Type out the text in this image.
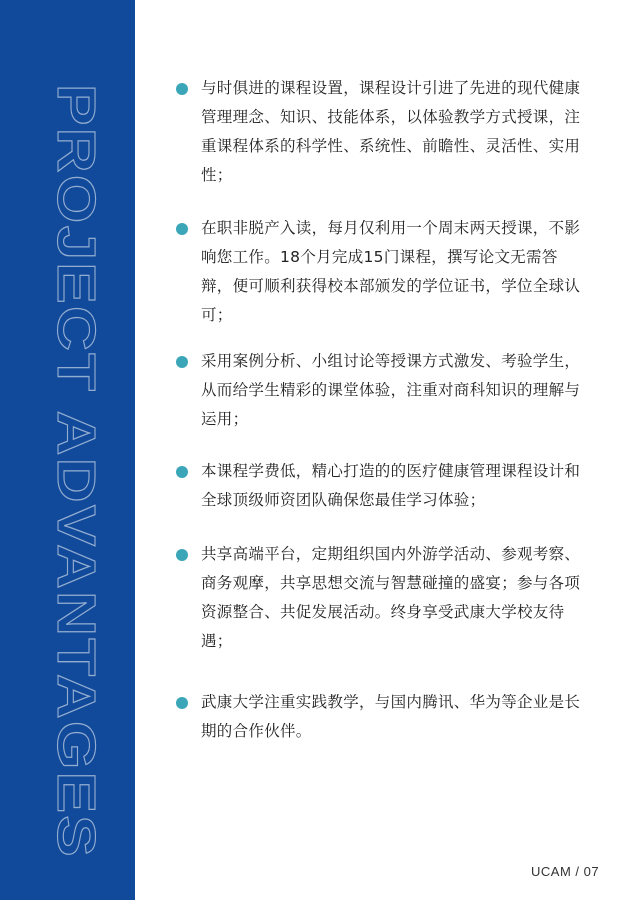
PROJECT ADVANTAGES	与时俱进的课程设置，课程设计引进了先进的现代健康管理理念、知识、技能体系，以体验教学方式授课，注重课程体系的科学性、系统性、前瞻性、灵活性、实用性；
在职非脱产入读，每月仅利用一个周末两天授课，不影响您工作。18个月完成15门课程，撰写论文无需答辩，便可顺利获得校本部颁发的学位证书，学位全球认可；
采用案例分析、小组讨论等授课方式激发、考验学生，从而给学生精彩的课堂体验，注重对商科知识的理解与运用；
本课程学费低，精心打造的的医疗健康管理课程设计和全球顶级师资团队确保您最佳学习体验；
共享高端平台，定期组织国内外游学活动、参观考察、商务观摩，共享思想交流与智慧碰撞的盛宴；参与各项资源整合、共促发展活动。终身享受武康大学校友待遇；
武康大学注重实践教学，与国内腾讯、华为等企业是长期的合作伙伴。
UCAM / 07
